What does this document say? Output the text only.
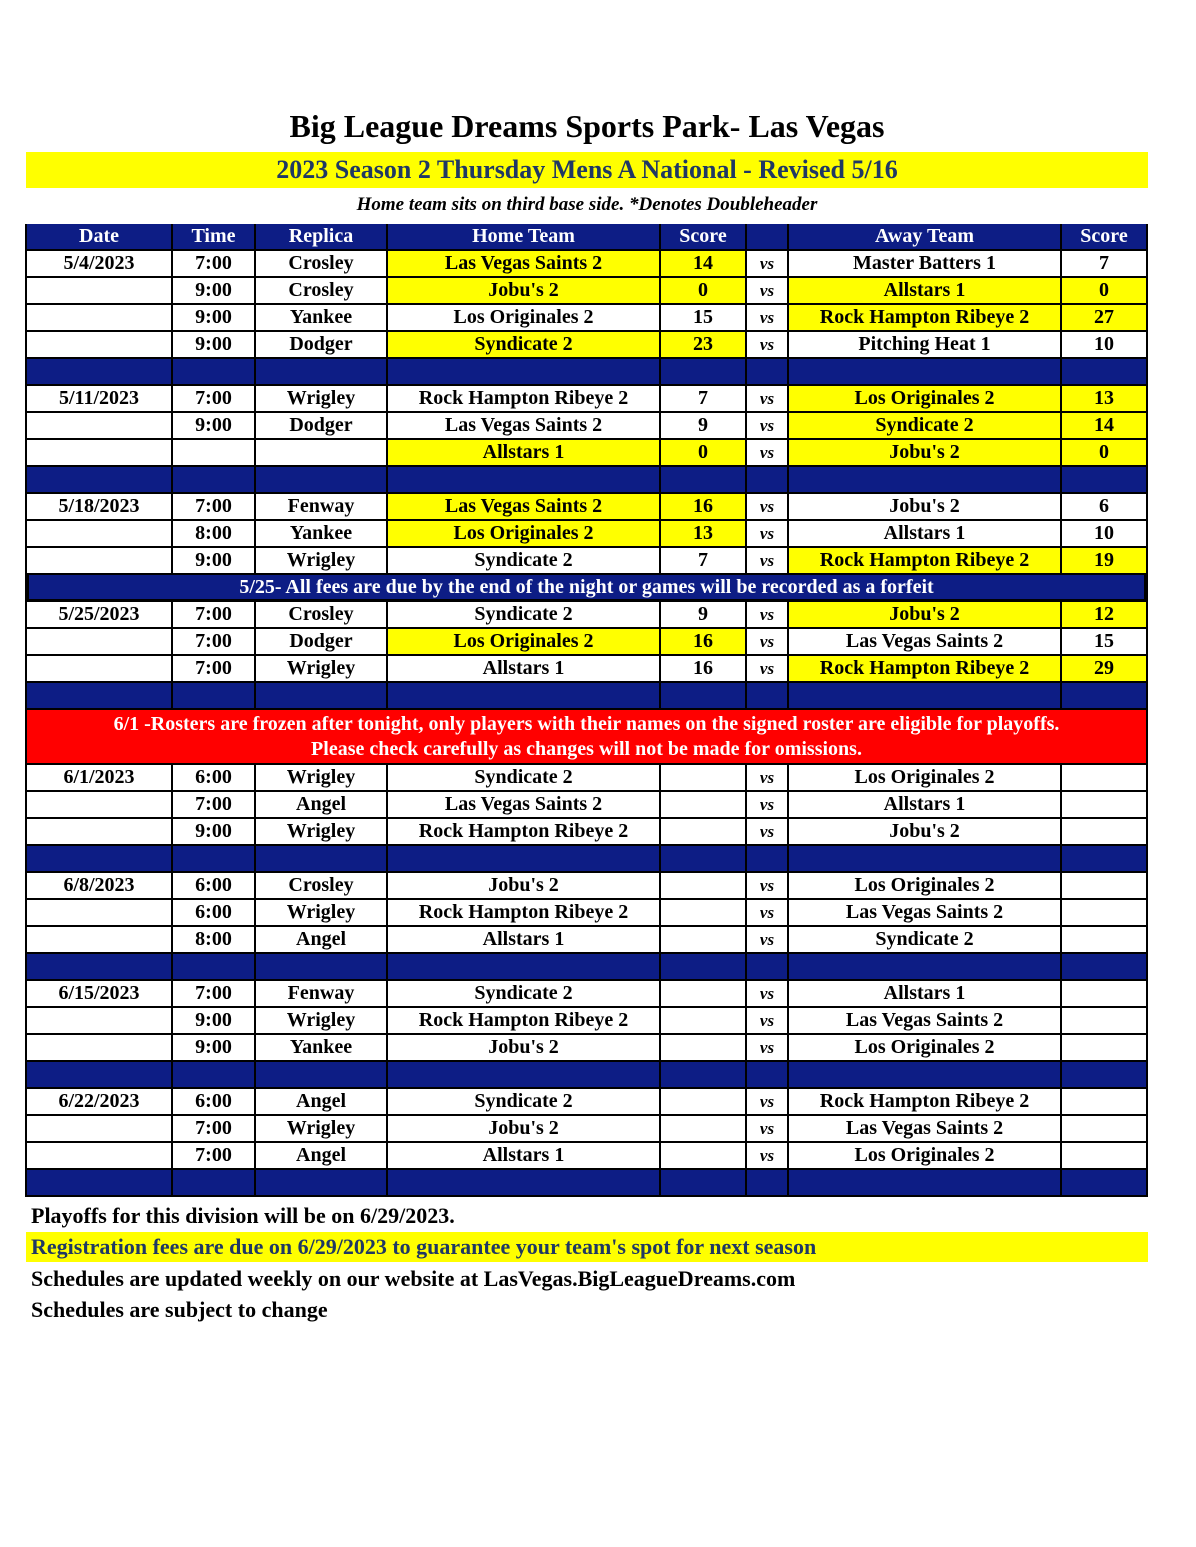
Big League Dreams Sports Park- Las Vegas
2023 Season 2 Thursday Mens A National - Revised 5/16
Home team sits on third base side. *Denotes Doubleheader
Date	Time	Replica	Home Team	Score	Away Team	Score
5/4/2023	7:00	Crosley	Las Vegas Saints 2	14	vs	Master Batters 1	7
9:00	Crosley	Jobu's 2	0	vs	Allstars 1	0
9:00	Yankee	Los Originales 2	15	vs	Rock Hampton Ribeye 2	27
9:00	Dodger	Syndicate 2	23	vs	Pitching Heat 1	10
5/11/2023	7:00	Wrigley	Rock Hampton Ribeye 2	7	vs	Los Originales 2	13
9:00	Dodger	Las Vegas Saints 2	9	vs	Syndicate 2	14
Allstars 1	0	vs	Jobu's 2	0
5/18/2023	7:00	Fenway	Las Vegas Saints 2	16	vs	Jobu's 2	6
8:00	Yankee	Los Originales 2	13	vs	Allstars 1	10
9:00	Wrigley	Syndicate 2	7	vs	Rock Hampton Ribeye 2	19
5/25- All fees are due by the end of the night or games will be recorded as a forfeit
5/25/2023	7:00	Crosley	Syndicate 2	9	vs	Jobu's 2	12
7:00	Dodger	Los Originales 2	16	vs	Las Vegas Saints 2	15
7:00	Wrigley	Allstars 1	16	vs	Rock Hampton Ribeye 2	29
6/1 -Rosters are frozen after tonight, only players with their names on the signed roster are eligible for playoffs.
Please check carefully as changes will not be made for omissions.
6/1/2023	6:00	Wrigley	Syndicate 2	vs	Los Originales 2
7:00	Angel	Las Vegas Saints 2	vs	Allstars 1
9:00	Wrigley	Rock Hampton Ribeye 2	vs	Jobu's 2
6/8/2023	6:00	Crosley	Jobu's 2	vs	Los Originales 2
6:00	Wrigley	Rock Hampton Ribeye 2	vs	Las Vegas Saints 2
8:00	Angel	Allstars 1	vs	Syndicate 2
6/15/2023	7:00	Fenway	Syndicate 2	vs	Allstars 1
9:00	Wrigley	Rock Hampton Ribeye 2	vs	Las Vegas Saints 2
9:00	Yankee	Jobu's 2	vs	Los Originales 2
6/22/2023	6:00	Angel	Syndicate 2	vs	Rock Hampton Ribeye 2
7:00	Wrigley	Jobu's 2	vs	Las Vegas Saints 2
7:00	Angel	Allstars 1	vs	Los Originales 2
Playoffs for this division will be on 6/29/2023.
Registration fees are due on 6/29/2023 to guarantee your team's spot for next season
Schedules are updated weekly on our website at LasVegas.BigLeagueDreams.com
Schedules are subject to change
